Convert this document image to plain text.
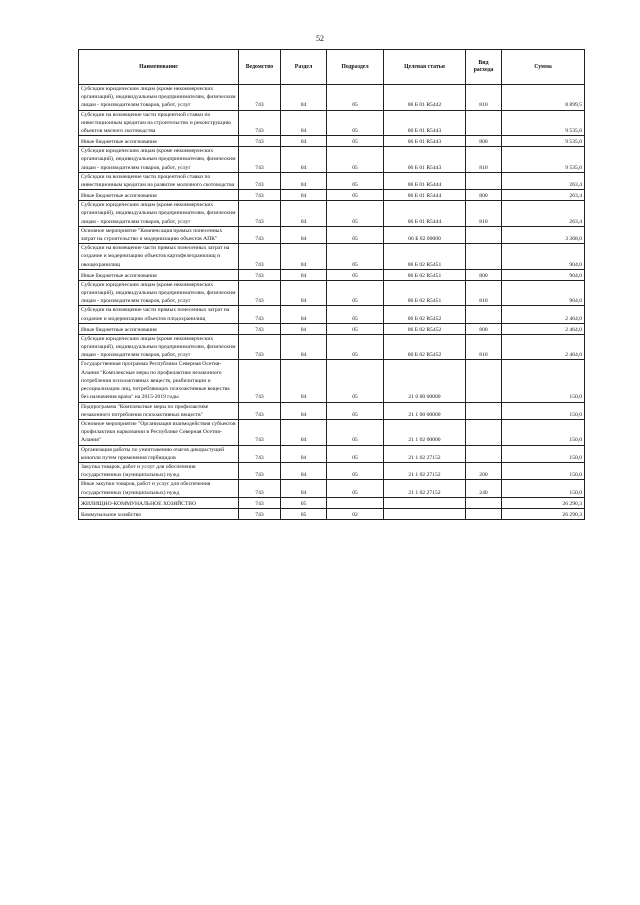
52
Наименование	Ведомство	Раздел	Подраздел	Целевая статья	Вид расхода	Сумма
Субсидии юридическим лицам (кроме некоммерческих организаций), индивидуальным предпринимателям, физическим лицам - производителям товаров, работ, услуг	743	04	05	06 Б 01 R5442	810	8 899,5
Субсидии на возмещение части процентной ставки по инвестиционным кредитам на строительство и реконструкцию объектов мясного скотоводства	743	04	05	06 Б 01 R5443		9 535,0
Иные бюджетные ассигнования	743	04	05	06 Б 01 R5443	800	9 535,0
Субсидии юридическим лицам (кроме некоммерческих организаций), индивидуальным предпринимателям, физическим лицам - производителям товаров, работ, услуг	743	04	05	06 Б 01 R5443	810	9 535,0
Субсидии на возмещение части процентной ставки по инвестиционным кредитам на развитие молочного скотоводства	743	04	05	06 Б 01 R5444		263,4
Иные бюджетные ассигнования	743	04	05	06 Б 01 R5444	800	263,4
Субсидии юридическим лицам (кроме некоммерческих организаций), индивидуальным предпринимателям, физическим лицам - производителям товаров, работ, услуг	743	04	05	06 Б 01 R5444	810	263,4
Основное мероприятие "Компенсация прямых понесенных затрат на строительство и модернизацию объектов АПК"	743	04	05	06 Б 02 00000		3 368,0
Субсидии на возмещение части прямых понесенных затрат на создание и модернизацию объектов картофелехранилищ и овощехранилищ	743	04	05	06 Б 02 R5451		904,0
Иные бюджетные ассигнования	743	04	05	06 Б 02 R5451	800	904,0
Субсидии юридическим лицам (кроме некоммерческих организаций), индивидуальным предпринимателям, физическим лицам - производителям товаров, работ, услуг	743	04	05	06 Б 02 R5451	810	904,0
Субсидии на возмещение части прямых понесенных затрат на создание и модернизацию объектов плодохранилищ	743	04	05	06 Б 02 R5452		2 464,0
Иные бюджетные ассигнования	743	04	05	06 Б 02 R5452	800	2 464,0
Субсидии юридическим лицам (кроме некоммерческих организаций), индивидуальным предпринимателям, физическим лицам - производителям товаров, работ, услуг	743	04	05	06 Б 02 R5452	810	2 464,0
Государственная программа Республики Северная Осетия-Алания "Комплексные меры по профилактике незаконного потребления психоактивных веществ, реабилитации и ресоциализации лиц, потребляющих психоактивные вещества без назначения врача" на 2015-2019 годы	743	04	05	21 0 00 00000		150,0
Подпрограмма "Комплексные меры по профилактике незаконного потребления психоактивных веществ"	743	04	05	21 1 00 00000		150,0
Основное мероприятие "Организация взаимодействия субъектов профилактики наркомании в Республике Северная Осетия-Алания"	743	04	05	21 1 02 00000		150,0
Организация работы по уничтожению очагов дикорастущей конопли путем применения гербицидов	743	04	05	21 1 02 27152		150,0
Закупка товаров, работ и услуг для обеспечения государственных (муниципальных) нужд	743	04	05	21 1 02 27152	200	150,0
Иные закупки товаров, работ и услуг для обеспечения государственных (муниципальных) нужд	743	04	05	21 1 02 27152	240	150,0
ЖИЛИЩНО-КОММУНАЛЬНОЕ ХОЗЯЙСТВО	743	05				26 290,3
Коммунальное хозяйство	743	05	02			26 290,3
